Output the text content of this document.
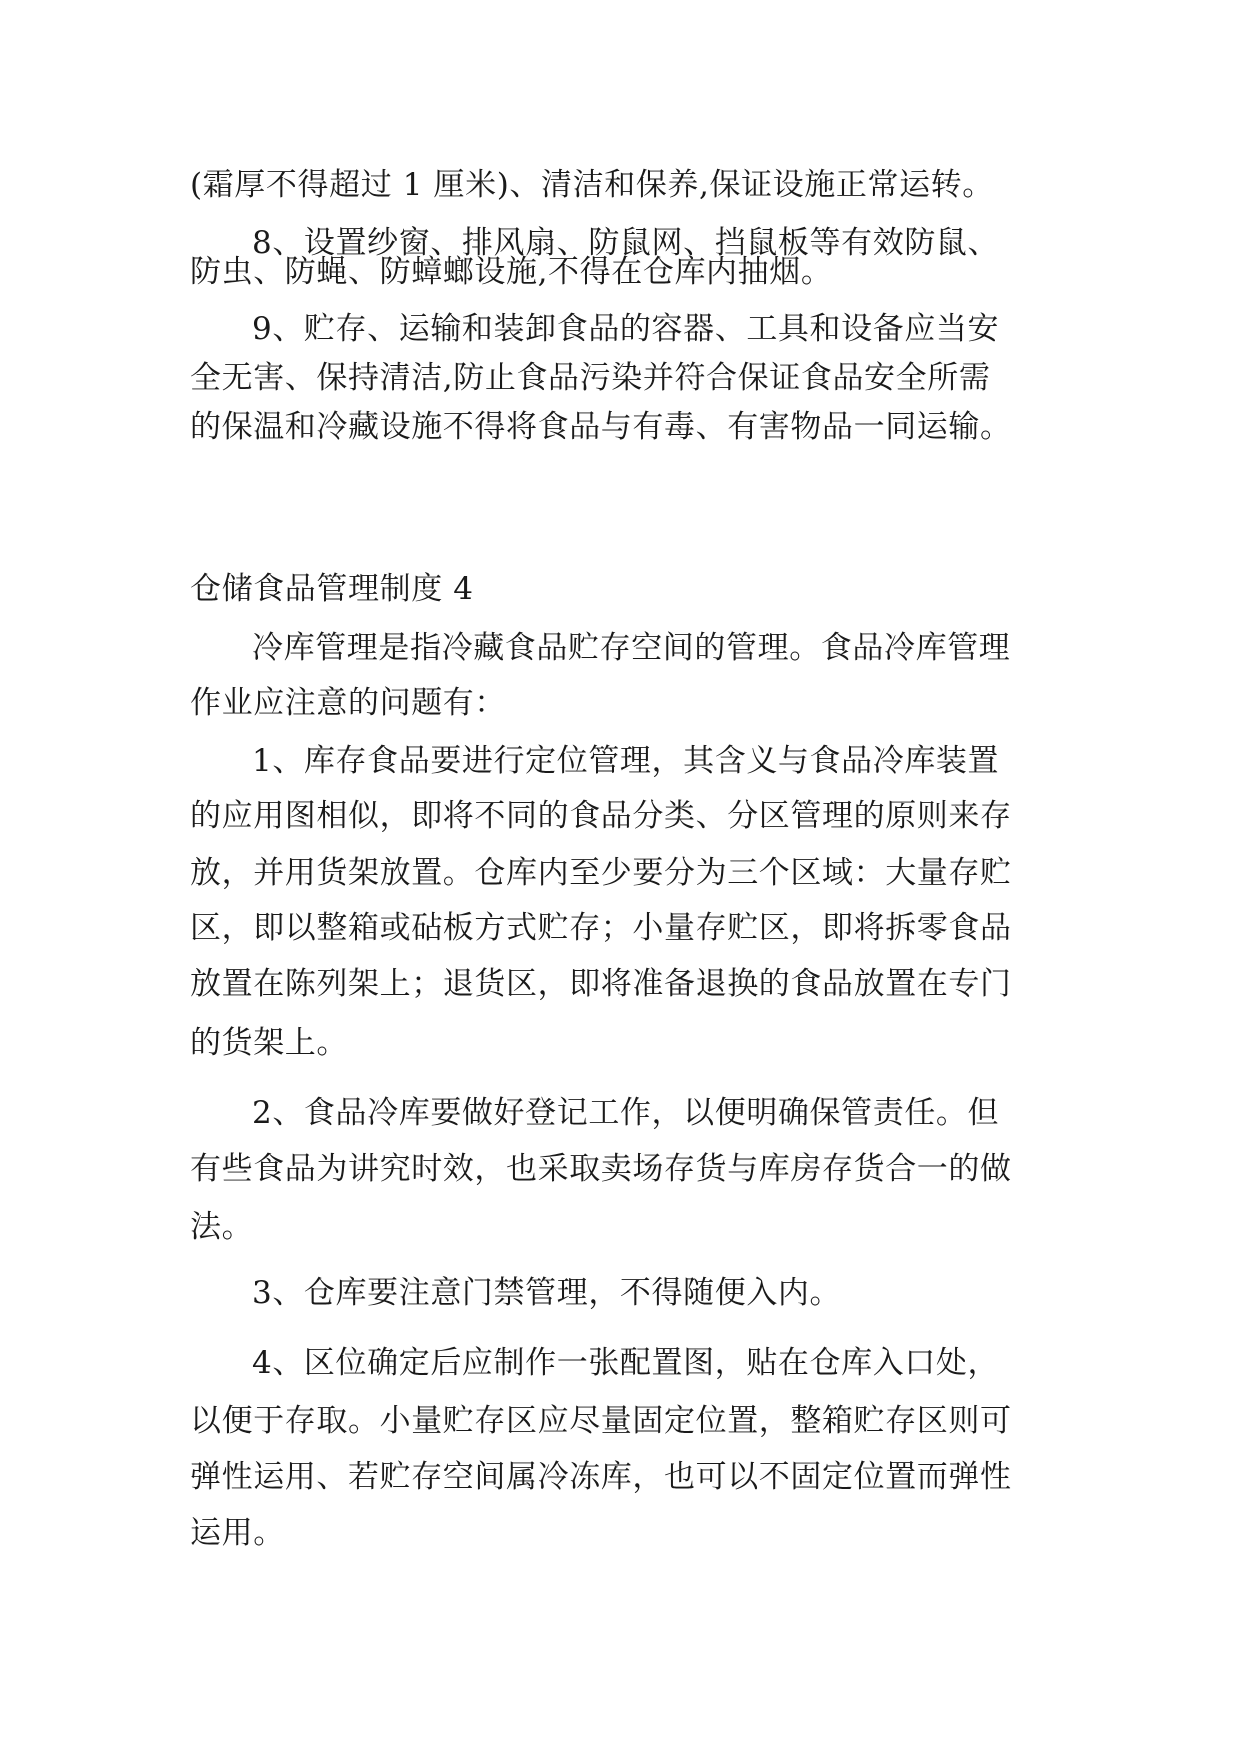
(霜厚不得超过 1 厘米)、清洁和保养,保证设施正常运转。
8、设置纱窗、排风扇、防鼠网、挡鼠板等有效防鼠、
防虫、防蝇、防蟑螂设施,不得在仓库内抽烟。
9、贮存、运输和装卸食品的容器、工具和设备应当安
全无害、保持清洁,防止食品污染并符合保证食品安全所需
的保温和冷藏设施不得将食品与有毒、有害物品一同运输。
仓储食品管理制度 4
冷库管理是指冷藏食品贮存空间的管理。食品冷库管理
作业应注意的问题有：
1、库存食品要进行定位管理，其含义与食品冷库装置
的应用图相似，即将不同的食品分类、分区管理的原则来存
放，并用货架放置。仓库内至少要分为三个区域：大量存贮
区，即以整箱或砧板方式贮存；小量存贮区，即将拆零食品
放置在陈列架上；退货区，即将准备退换的食品放置在专门
的货架上。
2、食品冷库要做好登记工作，以便明确保管责任。但
有些食品为讲究时效，也采取卖场存货与库房存货合一的做
法。
3、仓库要注意门禁管理，不得随便入内。
4、区位确定后应制作一张配置图，贴在仓库入口处，
以便于存取。小量贮存区应尽量固定位置，整箱贮存区则可
弹性运用、若贮存空间属冷冻库，也可以不固定位置而弹性
运用。
